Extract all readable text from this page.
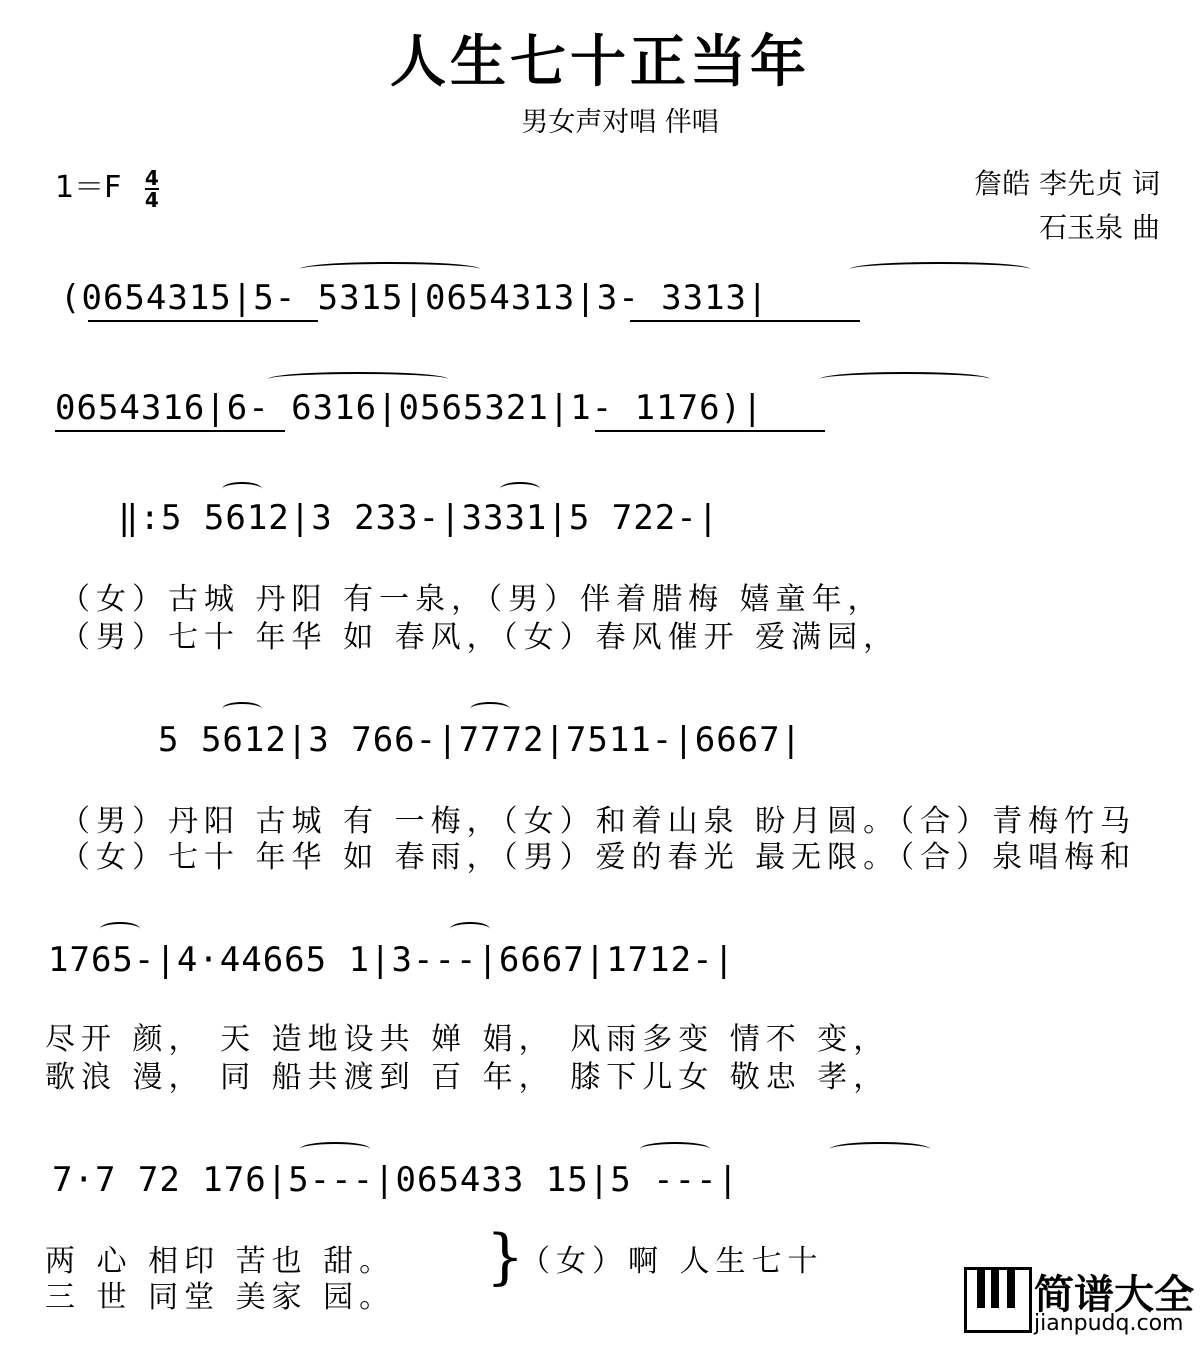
人生七十正当年
男女声对唱 伴唱
$1=F \frac{4}{4}$	詹皓 李先贞 词
石玉泉 曲
(0654315|5- 5315|0654313|3- 3313|
0654316|6- 6316|0565321|1- 1176)|
‖:5 5612|3 233-|3331|5 722-|
5 5612|3 766-|7772|7511-|6667|
1765-|4·44665 1|3---|6667|1712-|
7·7 72 176|5---|065433 15|5 ---|
（女）古城 丹阳 有一泉，（男）伴着腊梅 嬉童年，
（男）七十 年华 如 春风，（女）春风催开 爱满园，
（男）丹阳 古城 有 一梅，（女）和着山泉 盼月圆。（合）青梅竹马
（女）七十 年华 如 春雨，（男）爱的春光 最无限。（合）泉唱梅和
尽开 颜， 天 造地设共 婵 娟， 风雨多变 情不 变，
歌浪 漫， 同 船共渡到 百 年， 膝下儿女 敬忠 孝，
两 心 相印 苦也 甜。
三 世 同堂 美家 园。
}
（女）啊 人生七十
简谱大全
jianpudq.com
